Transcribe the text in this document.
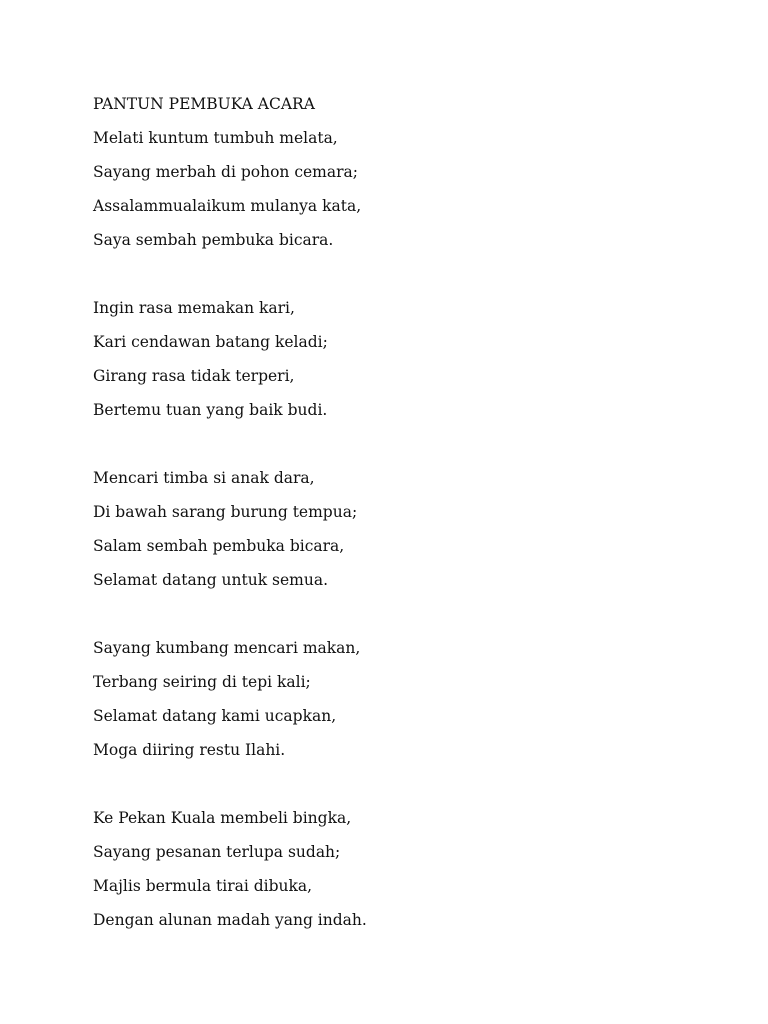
PANTUN PEMBUKA ACARA
Melati kuntum tumbuh melata,
Sayang merbah di pohon cemara;
Assalammualaikum mulanya kata,
Saya sembah pembuka bicara.
Ingin rasa memakan kari,
Kari cendawan batang keladi;
Girang rasa tidak terperi,
Bertemu tuan yang baik budi.
Mencari timba si anak dara,
Di bawah sarang burung tempua;
Salam sembah pembuka bicara,
Selamat datang untuk semua.
Sayang kumbang mencari makan,
Terbang seiring di tepi kali;
Selamat datang kami ucapkan,
Moga diiring restu Ilahi.
Ke Pekan Kuala membeli bingka,
Sayang pesanan terlupa sudah;
Majlis bermula tirai dibuka,
Dengan alunan madah yang indah.
